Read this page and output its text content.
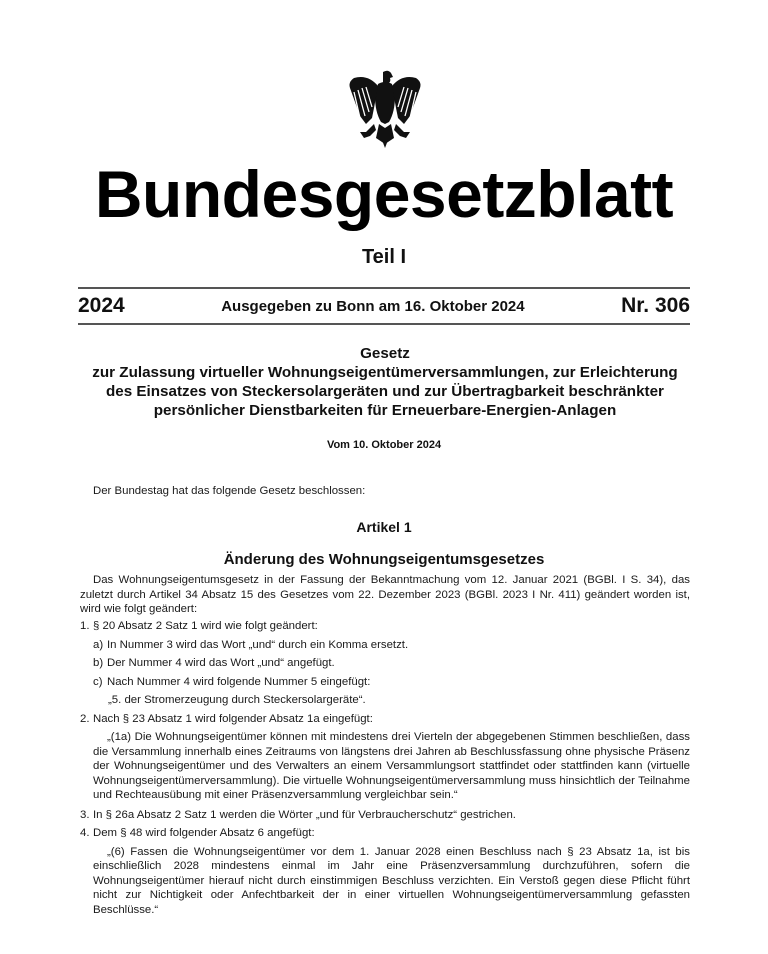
Bundesgesetzblatt
Teil I
2024	Ausgegeben zu Bonn am 16. Oktober 2024	Nr. 306
Gesetz
zur Zulassung virtueller Wohnungseigentümerversammlungen, zur Erleichterung
des Einsatzes von Steckersolargeräten und zur Übertragbarkeit beschränkter
persönlicher Dienstbarkeiten für Erneuerbare-Energien-Anlagen
Vom 10. Oktober 2024
Der Bundestag hat das folgende Gesetz beschlossen:
Artikel 1
Änderung des Wohnungseigentumsgesetzes
Das Wohnungseigentumsgesetz in der Fassung der Bekanntmachung vom 12. Januar 2021 (BGBl. I S. 34), das zuletzt durch Artikel 34 Absatz 15 des Gesetzes vom 22. Dezember 2023 (BGBl. 2023 I Nr. 411) geändert worden ist, wird wie folgt geändert:
1. § 20 Absatz 2 Satz 1 wird wie folgt geändert:
a) In Nummer 3 wird das Wort „und“ durch ein Komma ersetzt.
b) Der Nummer 4 wird das Wort „und“ angefügt.
c) Nach Nummer 4 wird folgende Nummer 5 eingefügt:
„5. der Stromerzeugung durch Steckersolargeräte“.
2. Nach § 23 Absatz 1 wird folgender Absatz 1a eingefügt:
„(1a) Die Wohnungseigentümer können mit mindestens drei Vierteln der abgegebenen Stimmen beschließen, dass die Versammlung innerhalb eines Zeitraums von längstens drei Jahren ab Beschlussfassung ohne physische Präsenz der Wohnungseigentümer und des Verwalters an einem Versammlungsort stattfindet oder stattfinden kann (virtuelle Wohnungseigentümerversammlung). Die virtuelle Wohnungseigentümerversammlung muss hinsichtlich der Teilnahme und Rechteausübung mit einer Präsenzversammlung vergleichbar sein.“
3. In § 26a Absatz 2 Satz 1 werden die Wörter „und für Verbraucherschutz“ gestrichen.
4. Dem § 48 wird folgender Absatz 6 angefügt:
„(6) Fassen die Wohnungseigentümer vor dem 1. Januar 2028 einen Beschluss nach § 23 Absatz 1a, ist bis einschließlich 2028 mindestens einmal im Jahr eine Präsenzversammlung durchzuführen, sofern die Wohnungseigentümer hierauf nicht durch einstimmigen Beschluss verzichten. Ein Verstoß gegen diese Pflicht führt nicht zur Nichtigkeit oder Anfechtbarkeit der in einer virtuellen Wohnungseigentümerversammlung gefassten Beschlüsse.“
